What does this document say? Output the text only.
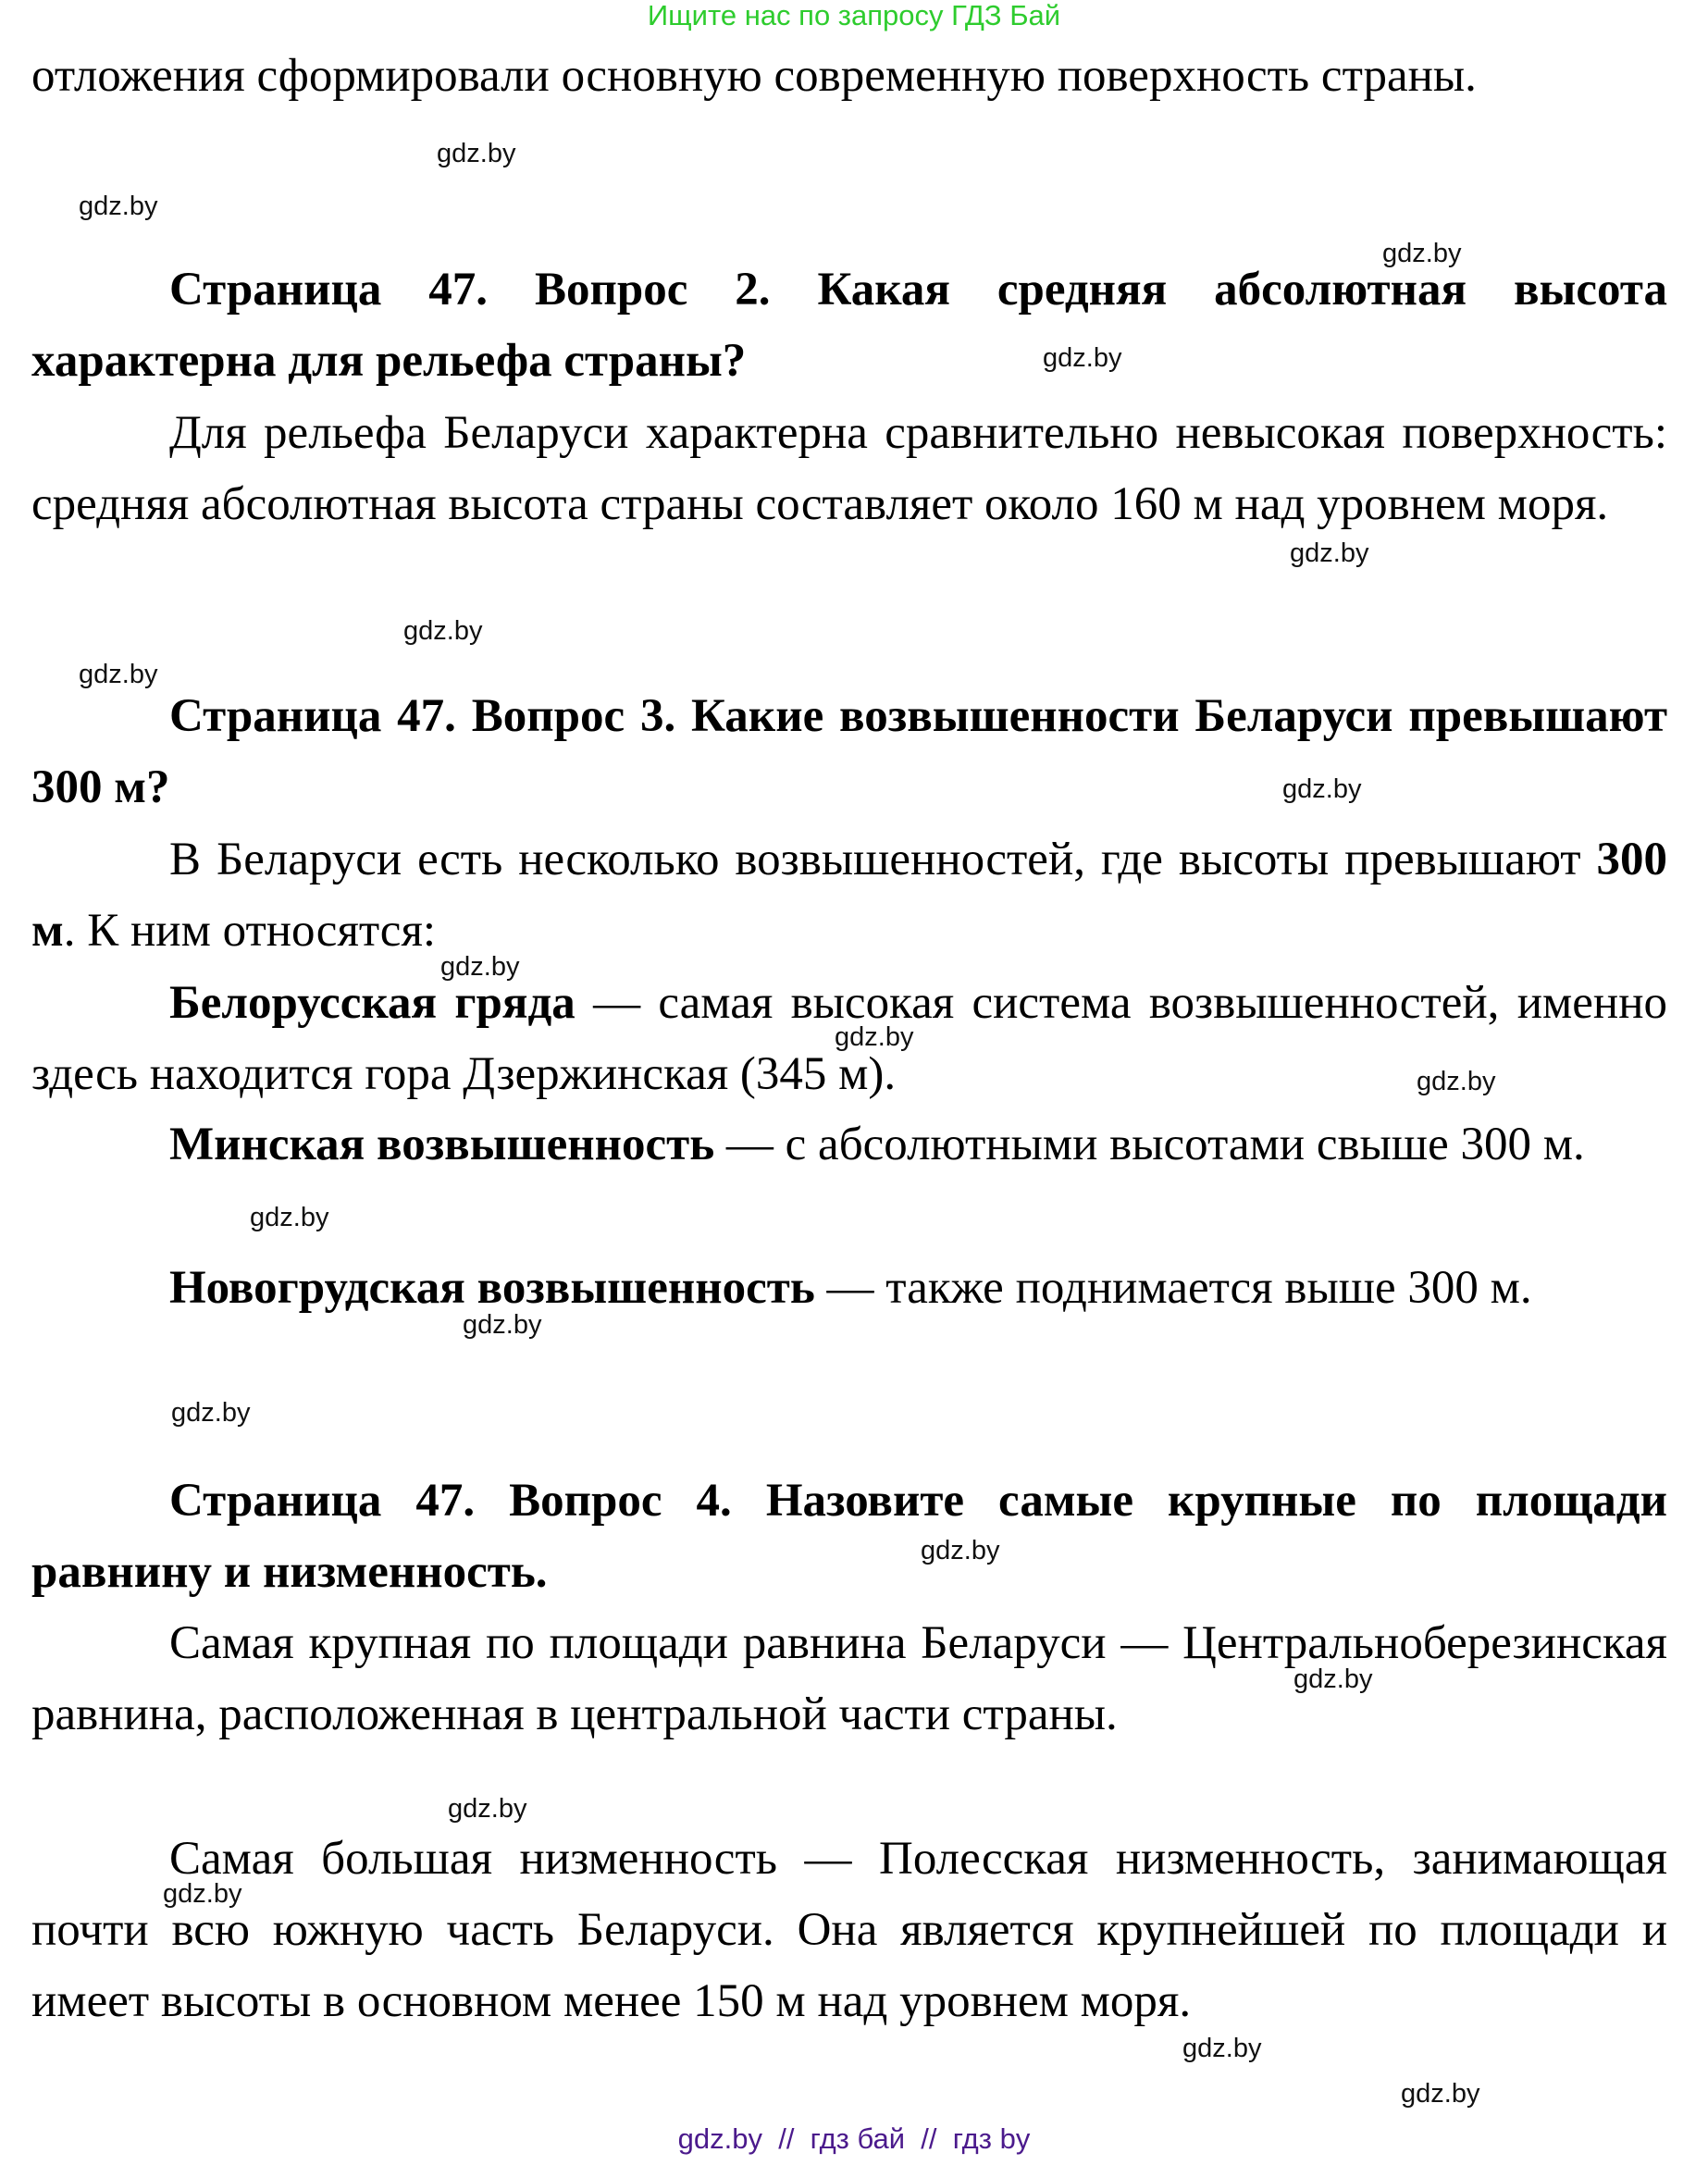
Ищите нас по запросу ГДЗ Бай
отложения сформировали основную современную поверхность страны.
Страница 47. Вопрос 2. Какая средняя абсолютная высота характерна для рельефа страны?
Для рельефа Беларуси характерна сравнительно невысокая поверхность: средняя абсолютная высота страны составляет около 160 м над уровнем моря.
Страница 47. Вопрос 3. Какие возвышенности Беларуси превышают 300 м?
В Беларуси есть несколько возвышенностей, где высоты превышают 300 м. К ним относятся:
Белорусская гряда — самая высокая система возвышенностей, именно здесь находится гора Дзержинская (345 м).
Минская возвышенность — с абсолютными высотами свыше 300 м.
Новогрудская возвышенность — также поднимается выше 300 м.
Страница 47. Вопрос 4. Назовите самые крупные по площади равнину и низменность.
Самая крупная по площади равнина Беларуси — Центральноберезинская равнина, расположенная в центральной части страны.
Самая большая низменность — Полесская низменность, занимающая почти всю южную часть Беларуси. Она является крупнейшей по площади и имеет высоты в основном менее 150 м над уровнем моря.
gdz.by
gdz.by
gdz.by
gdz.by
gdz.by
gdz.by
gdz.by
gdz.by
gdz.by
gdz.by
gdz.by
gdz.by
gdz.by
gdz.by
gdz.by
gdz.by
gdz.by
gdz.by
gdz.by
gdz.by
gdz.by  //  гдз бай  //  гдз by
